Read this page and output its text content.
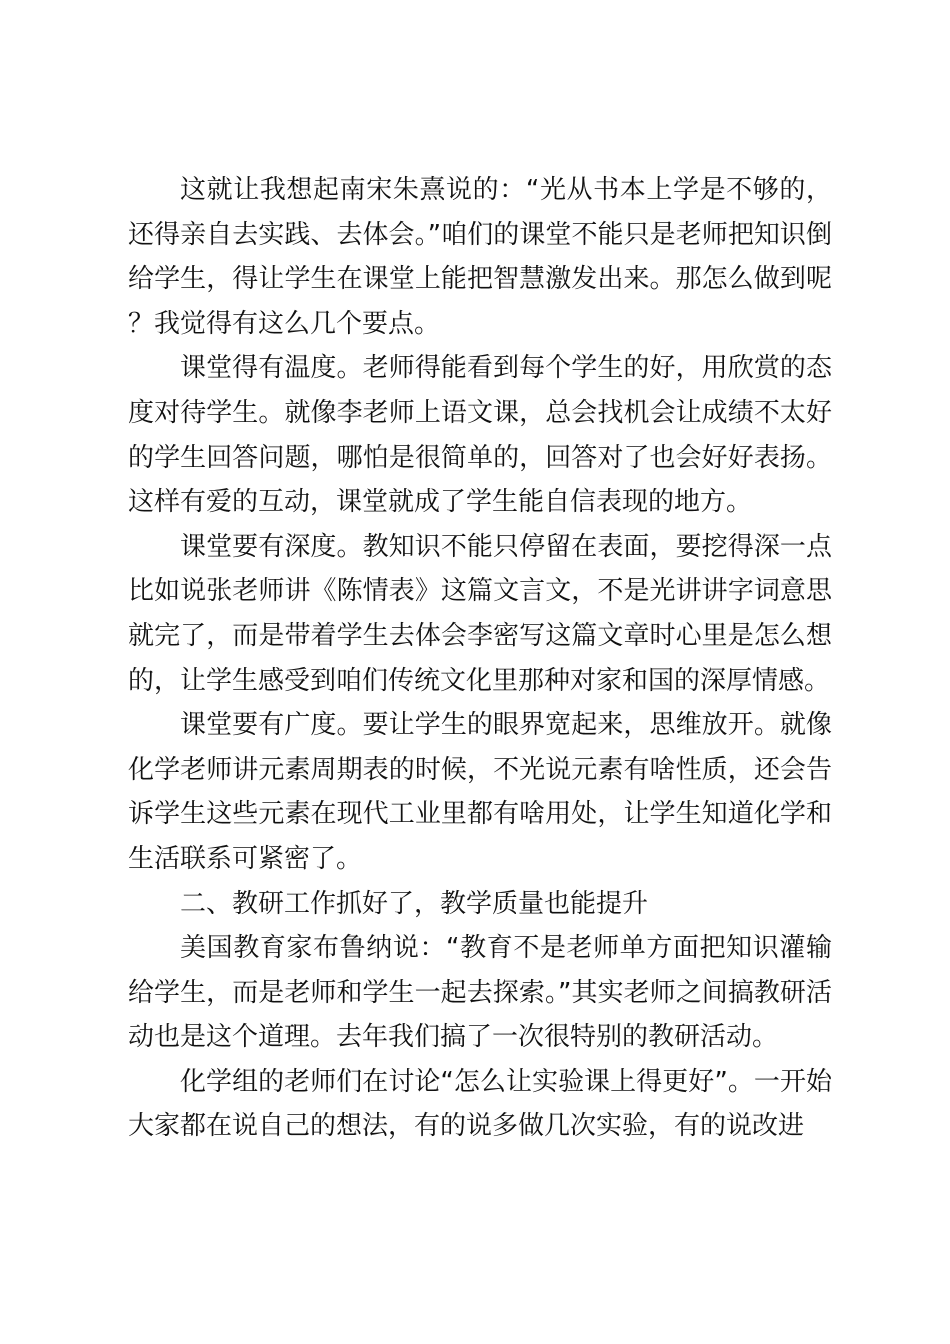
这就让我想起南宋朱熹说的：“光从书本上学是不够的，还得亲自去实践、去体会。”咱们的课堂不能只是老师把知识倒给学生，得让学生在课堂上能把智慧激发出来。那怎么做到呢？我觉得有这么几个要点。

课堂得有温度。老师得能看到每个学生的好，用欣赏的态度对待学生。就像李老师上语文课，总会找机会让成绩不太好的学生回答问题，哪怕是很简单的，回答对了也会好好表扬。这样有爱的互动，课堂就成了学生能自信表现的地方。

课堂要有深度。教知识不能只停留在表面，要挖得深一点比如说张老师讲《陈情表》这篇文言文，不是光讲讲字词意思就完了，而是带着学生去体会李密写这篇文章时心里是怎么想的，让学生感受到咱们传统文化里那种对家和国的深厚情感。

课堂要有广度。要让学生的眼界宽起来，思维放开。就像化学老师讲元素周期表的时候，不光说元素有啥性质，还会告诉学生这些元素在现代工业里都有啥用处，让学生知道化学和生活联系可紧密了。

二、教研工作抓好了，教学质量也能提升

美国教育家布鲁纳说：“教育不是老师单方面把知识灌输给学生，而是老师和学生一起去探索。”其实老师之间搞教研活动也是这个道理。去年我们搞了一次很特别的教研活动。

化学组的老师们在讨论“怎么让实验课上得更好”。一开始大家都在说自己的想法，有的说多做几次实验，有的说改进
